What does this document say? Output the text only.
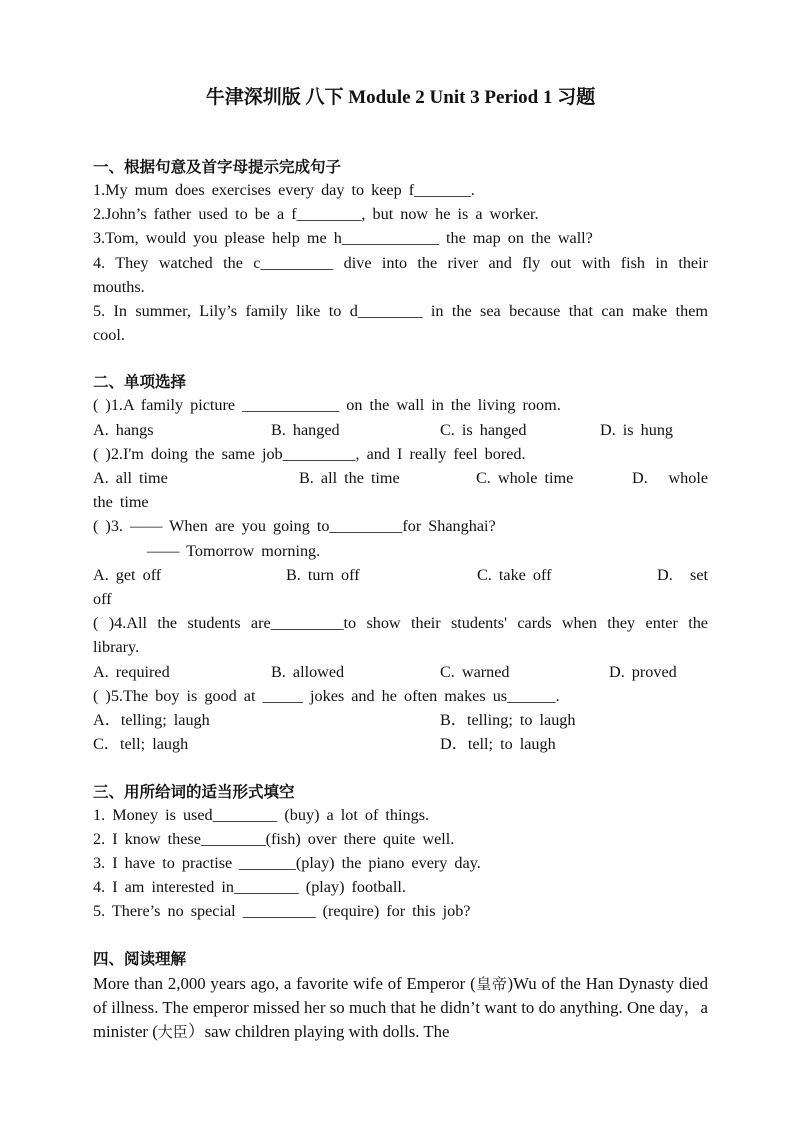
牛津深圳版 八下 Module 2 Unit 3 Period 1 习题

一、根据句意及首字母提示完成句子

1.My mum does exercises every day to keep f_______.

2.John’s father used to be a f________, but now he is a worker.

3.Tom, would you please help me h____________ the map on the wall?

4. They watched the c_________ dive into the river and fly out with fish in their mouths.

5. In summer, Lily’s family like to d________ in the sea because that can make them cool.

二、单项选择

( )1.A family picture ____________ on the wall in the living room.

A. hangs	B. hanged	C. is hanged	D. is hung

( )2.I'm doing the same job_________, and I really feel bored.

A. all time	B. all the time	C. whole time	D. whole the time

( )3. —— When are you going to_________for Shanghai?

—— Tomorrow morning.

A. get off	B. turn off	C. take off	D. set off

( )4.All the students are_________to show their students' cards when they enter the library.

A. required	B. allowed	C. warned	D. proved

( )5.The boy is good at _____ jokes and he often makes us______.

A．telling; laugh	B．telling; to laugh
C．tell; laugh	D．tell; to laugh

三、用所给词的适当形式填空

1. Money is used________ (buy) a lot of things.

2. I know these________(fish) over there quite well.

3. I have to practise _______(play) the piano every day.

4. I am interested in________ (play) football.

5. There’s no special _________ (require) for this job?

四、阅读理解

More than 2,000 years ago, a favorite wife of Emperor (皇帝)Wu of the Han Dynasty died of illness. The emperor missed her so much that he didn’t want to do anything. One day，a minister (大臣）saw children playing with dolls. The
